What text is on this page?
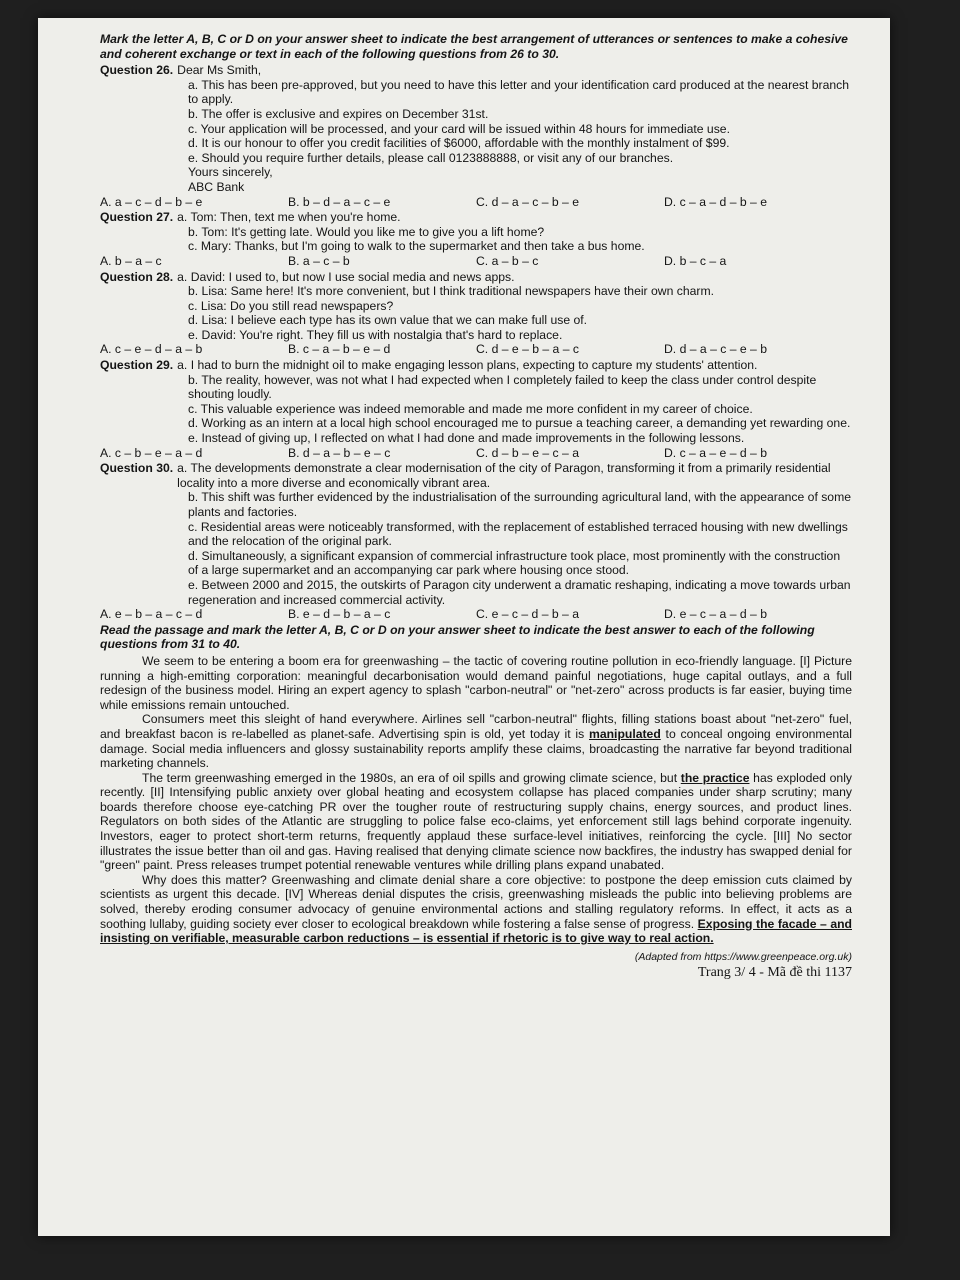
Mark the letter A, B, C or D on your answer sheet to indicate the best arrangement of utterances or sentences to make a cohesive and coherent exchange or text in each of the following questions from 26 to 30.

Question 26. Dear Ms Smith,
a. This has been pre-approved, but you need to have this letter and your identification card produced at the nearest branch to apply.
b. The offer is exclusive and expires on December 31st.
c. Your application will be processed, and your card will be issued within 48 hours for immediate use.
d. It is our honour to offer you credit facilities of $6000, affordable with the monthly instalment of $99.
e. Should you require further details, please call 0123888888, or visit any of our branches.
Yours sincerely,
ABC Bank
A. a – c – d – b – e	B. b – d – a – c – e	C. d – a – c – b – e	D. c – a – d – b – e
Question 27. a. Tom: Then, text me when you're home.
b. Tom: It's getting late. Would you like me to give you a lift home?
c. Mary: Thanks, but I'm going to walk to the supermarket and then take a bus home.
A. b – a – c	B. a – c – b	C. a – b – c	D. b – c – a
Question 28. a. David: I used to, but now I use social media and news apps.
b. Lisa: Same here! It's more convenient, but I think traditional newspapers have their own charm.
c. Lisa: Do you still read newspapers?
d. Lisa: I believe each type has its own value that we can make full use of.
e. David: You're right. They fill us with nostalgia that's hard to replace.
A. c – e – d – a – b	B. c – a – b – e – d	C. d – e – b – a – c	D. d – a – c – e – b
Question 29. a. I had to burn the midnight oil to make engaging lesson plans, expecting to capture my students' attention.
b. The reality, however, was not what I had expected when I completely failed to keep the class under control despite shouting loudly.
c. This valuable experience was indeed memorable and made me more confident in my career of choice.
d. Working as an intern at a local high school encouraged me to pursue a teaching career, a demanding yet rewarding one.
e. Instead of giving up, I reflected on what I had done and made improvements in the following lessons.
A. c – b – e – a – d	B. d – a – b – e – c	C. d – b – e – c – a	D. c – a – e – d – b
Question 30. a. The developments demonstrate a clear modernisation of the city of Paragon, transforming it from a primarily residential locality into a more diverse and economically vibrant area.
b. This shift was further evidenced by the industrialisation of the surrounding agricultural land, with the appearance of some plants and factories.
c. Residential areas were noticeably transformed, with the replacement of established terraced housing with new dwellings and the relocation of the original park.
d. Simultaneously, a significant expansion of commercial infrastructure took place, most prominently with the construction of a large supermarket and an accompanying car park where housing once stood.
e. Between 2000 and 2015, the outskirts of Paragon city underwent a dramatic reshaping, indicating a move towards urban regeneration and increased commercial activity.
A. e – b – a – c – d	B. e – d – b – a – c	C. e – c – d – b – a	D. e – c – a – d – b

Read the passage and mark the letter A, B, C or D on your answer sheet to indicate the best answer to each of the following questions from 31 to 40.

We seem to be entering a boom era for greenwashing – the tactic of covering routine pollution in eco-friendly language. [I] Picture running a high-emitting corporation: meaningful decarbonisation would demand painful negotiations, huge capital outlays, and a full redesign of the business model. Hiring an expert agency to splash "carbon-neutral" or "net-zero" across products is far easier, buying time while emissions remain untouched.

Consumers meet this sleight of hand everywhere. Airlines sell "carbon-neutral" flights, filling stations boast about "net-zero" fuel, and breakfast bacon is re-labelled as planet-safe. Advertising spin is old, yet today it is manipulated to conceal ongoing environmental damage. Social media influencers and glossy sustainability reports amplify these claims, broadcasting the narrative far beyond traditional marketing channels.

The term greenwashing emerged in the 1980s, an era of oil spills and growing climate science, but the practice has exploded only recently. [II] Intensifying public anxiety over global heating and ecosystem collapse has placed companies under sharp scrutiny; many boards therefore choose eye-catching PR over the tougher route of restructuring supply chains, energy sources, and product lines. Regulators on both sides of the Atlantic are struggling to police false eco-claims, yet enforcement still lags behind corporate ingenuity. Investors, eager to protect short-term returns, frequently applaud these surface-level initiatives, reinforcing the cycle. [III] No sector illustrates the issue better than oil and gas. Having realised that denying climate science now backfires, the industry has swapped denial for "green" paint. Press releases trumpet potential renewable ventures while drilling plans expand unabated.

Why does this matter? Greenwashing and climate denial share a core objective: to postpone the deep emission cuts claimed by scientists as urgent this decade. [IV] Whereas denial disputes the crisis, greenwashing misleads the public into believing problems are solved, thereby eroding consumer advocacy of genuine environmental actions and stalling regulatory reforms. In effect, it acts as a soothing lullaby, guiding society ever closer to ecological breakdown while fostering a false sense of progress. Exposing the facade – and insisting on verifiable, measurable carbon reductions – is essential if rhetoric is to give way to real action.

(Adapted from https://www.greenpeace.org.uk)
Trang 3/ 4 - Mã đề thi 1137
